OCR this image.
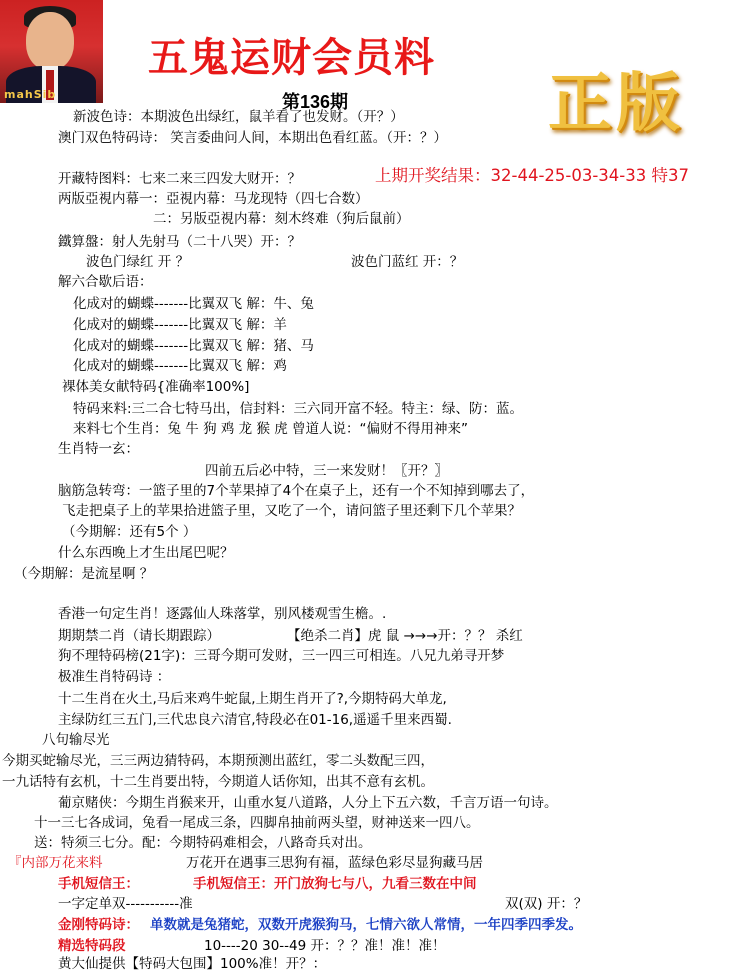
mahSib
五鬼运财会员料
正版
第136期
上期开奖结果：32-44-25-03-34-33 特37
新波色诗：本期波色出绿红，鼠羊看了也发财。（开？）
澳门双色特码诗： 笑言委曲问人间，本期出色看红蓝。（开：？）
开藏特图料：七来二来三四发大财开：？
两版亞視内幕一：亞視内幕：马龙现特（四七合数）
二：另版亞視内幕：刻木终难（狗后鼠前）
鐵算盤：射人先射马（二十八哭）开：？
波色门绿红 开 ？	波色门蓝红 开：？
解六合歇后语：
化成对的蝴蝶-------比翼双飞 解：牛、兔
化成对的蝴蝶-------比翼双飞 解：羊
化成对的蝴蝶-------比翼双飞 解：猪、马
化成对的蝴蝶-------比翼双飞 解：鸡
裸体美女献特码{准确率100%]
特码来料:三二合七特马出，信封料：三六同开富不轻。特主：绿、防：蓝。
来料七个生肖：兔 牛 狗 鸡 龙 猴 虎 曾道人说：“偏财不得用神来”
生肖特一玄：
四前五后必中特，三一来发财！〖开？〗
脑筋急转弯：一篮子里的7个苹果掉了4个在桌子上，还有一个不知掉到哪去了，
飞走把桌子上的苹果拾进篮子里，又吃了一个，请问篮子里还剩下几个苹果？
（今期解：还有5个 ）
什么东西晚上才生出尾巴呢？
（今期解：是流星啊 ？
香港一句定生肖！逐露仙人珠落掌，别风楼观雪生檐。.
期期禁二肖（请长期跟踪）	【绝杀二肖】虎 鼠 →→→开：？？ 杀红
狗不理特码榜(21字)：三哥今期可发财，三一四三可相连。八兄九弟寻开梦
极准生肖特码诗 ：
十二生肖在火土,马后来鸡牛蛇鼠,上期生肖开了?,今期特码大单龙,
主绿防红三五门,三代忠良六清官,特段必在01-16,遥遥千里来西蜀.
八句输尽光
今期买蛇输尽光，三三两边猜特码，本期预测出蓝红，零二头数配三四，
一九话特有玄机，十二生肖要出特，今期道人话你知，出其不意有玄机。
葡京赌侠：今期生肖猴来开，山重水复八道路，人分上下五六数，千言万语一句诗。
十一三七各成词，兔看一尾成三条，四脚帛抽前两头望，财神送来一四八。
送：特须三七分。配：今期特码难相会，八路奇兵对出。
『内部万花来料	万花开在遇事三思狗有福，蓝绿色彩尽显狗藏马居
手机短信王：	手机短信王：开门放狗七与八，九看三数在中间
一字定单双-----------准	双(双) 开：？
金刚特码诗： 单数就是兔猪蛇，双数开虎猴狗马，七情六欲人常情，一年四季四季发。
精选特码段	10----20 30--49 开：？？准！准！准！
黄大仙提供【特码大包围】100%准！开？：
